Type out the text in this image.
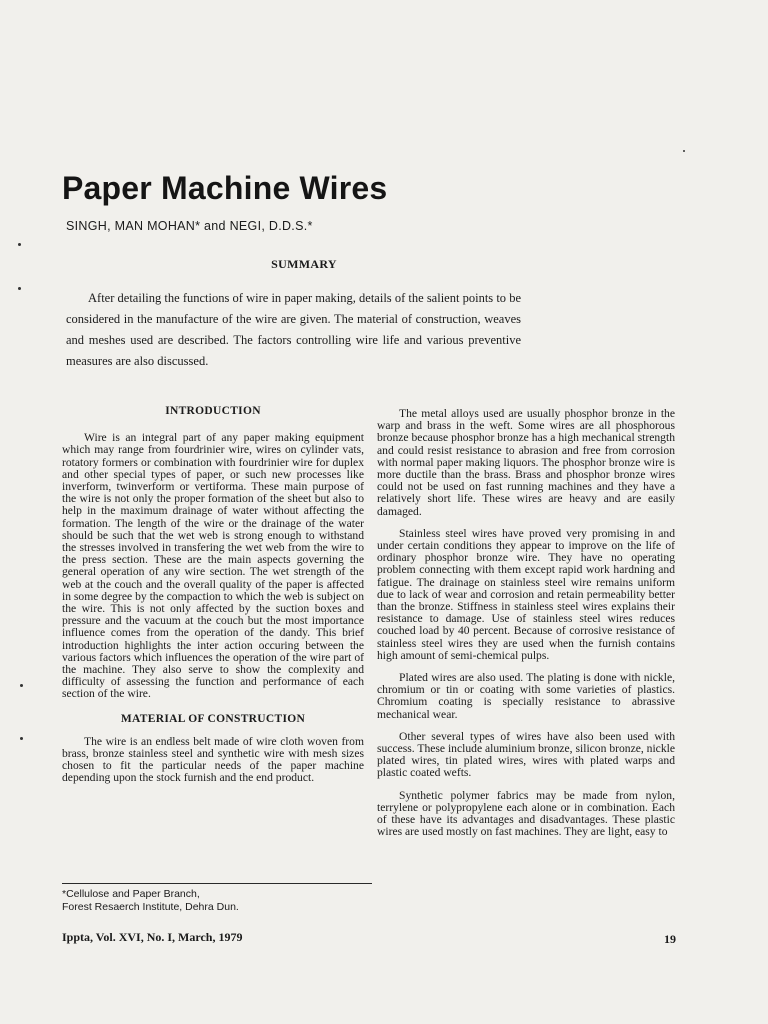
Paper Machine Wires
SINGH, MAN MOHAN* and NEGI, D.D.S.*
SUMMARY

After detailing the functions of wire in paper making, details of the salient points to be considered in the manufacture of the wire are given. The material of construction, weaves and meshes used are described. The factors controlling wire life and various preventive measures are also discussed.

INTRODUCTION

Wire is an integral part of any paper making equipment which may range from fourdrinier wire, wires on cylinder vats, rotatory formers or combination with fourdrinier wire for duplex and other special types of paper, or such new processes like inverform, twinverform or vertiforma. These main purpose of the wire is not only the proper formation of the sheet but also to help in the maximum drainage of water without affecting the formation. The length of the wire or the drainage of the water should be such that the wet web is strong enough to withstand the stresses involved in transfering the wet web from the wire to the press section. These are the main aspects governing the general operation of any wire section. The wet strength of the web at the couch and the overall quality of the paper is affected in some degree by the compaction to which the web is subject on the wire. This is not only affected by the suction boxes and pressure and the vacuum at the couch but the most importance influence comes from the operation of the dandy. This brief introduction highlights the inter action occuring between the various factors which influences the operation of the wire part of the machine. They also serve to show the complexity and difficulty of assessing the function and performance of each section of the wire.

MATERIAL OF CONSTRUCTION

The wire is an endless belt made of wire cloth woven from brass, bronze stainless steel and synthetic wire with mesh sizes chosen to fit the particular needs of the paper machine depending upon the stock furnish and the end product.

The metal alloys used are usually phosphor bronze in the warp and brass in the weft. Some wires are all phosphorous bronze because phosphor bronze has a high mechanical strength and could resist resistance to abrasion and free from corrosion with normal paper making liquors. The phosphor bronze wire is more ductile than the brass. Brass and phosphor bronze wires could not be used on fast running machines and they have a relatively short life. These wires are heavy and are easily damaged.

Stainless steel wires have proved very promising in and under certain conditions they appear to improve on the life of ordinary phosphor bronze wire. They have no operating problem connecting with them except rapid work hardning and fatigue. The drainage on stainless steel wire remains uniform due to lack of wear and corrosion and retain permeability better than the bronze. Stiffness in stainless steel wires explains their resistance to damage. Use of stainless steel wires reduces couched load by 40 percent. Because of corrosive resistance of stainless steel wires they are used when the furnish contains high amount of semi-chemical pulps.

Plated wires are also used. The plating is done with nickle, chromium or tin or coating with some varieties of plastics. Chromium coating is specially resistance to abrassive mechanical wear.

Other several types of wires have also been used with success. These include aluminium bronze, silicon bronze, nickle plated wires, tin plated wires, wires with plated warps and plastic coated wefts.

Synthetic polymer fabrics may be made from nylon, terrylene or polypropylene each alone or in combination. Each of these have its advantages and disadvantages. These plastic wires are used mostly on fast machines. They are light, easy to

*Cellulose and Paper Branch,
Forest Resaerch Institute, Dehra Dun.
Ippta, Vol. XVI, No. I, March, 1979	19
